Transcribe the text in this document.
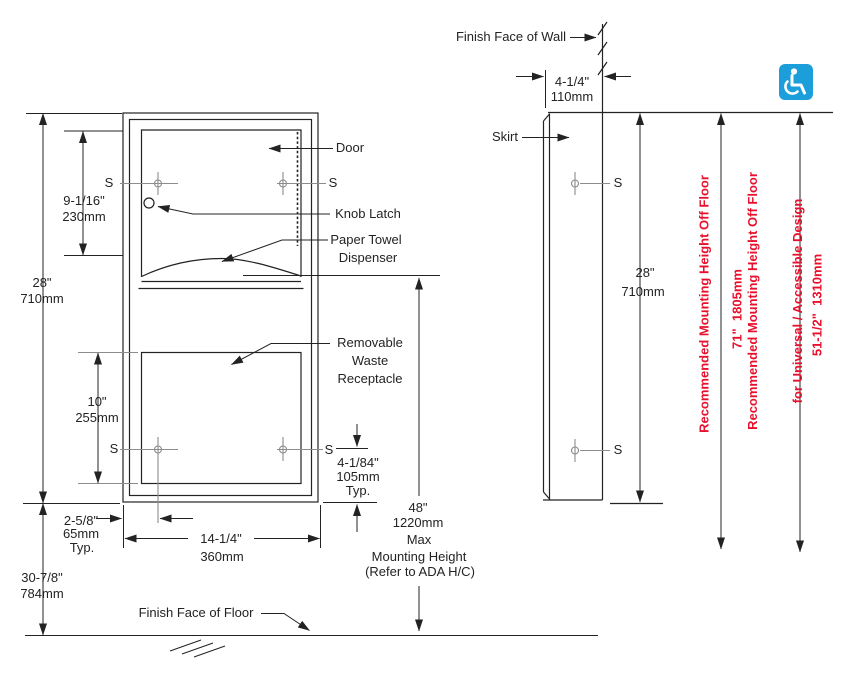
Finish Face of Wall
4-1/4"
110mm
Skirt
S
S
S	S
S	S
Door
Knob Latch
Paper Towel
Dispenser
Removable
Waste
Receptacle
9-1/16"
230mm
28"
710mm
10"
255mm
2-5/8"
65mm
Typ.
30-7/8"
784mm
14-1/4"
360mm
4-1/84"
105mm
Typ.
48"
1220mm
Max
Mounting Height
(Refer to ADA H/C)
Finish Face of Floor
28"
710mm Recommended Mounting Height Off Floor 71"  1805mm

Recommended Mounting Height Off Floor

for Universal / Accessible Design

51-1/2"  1310mm
